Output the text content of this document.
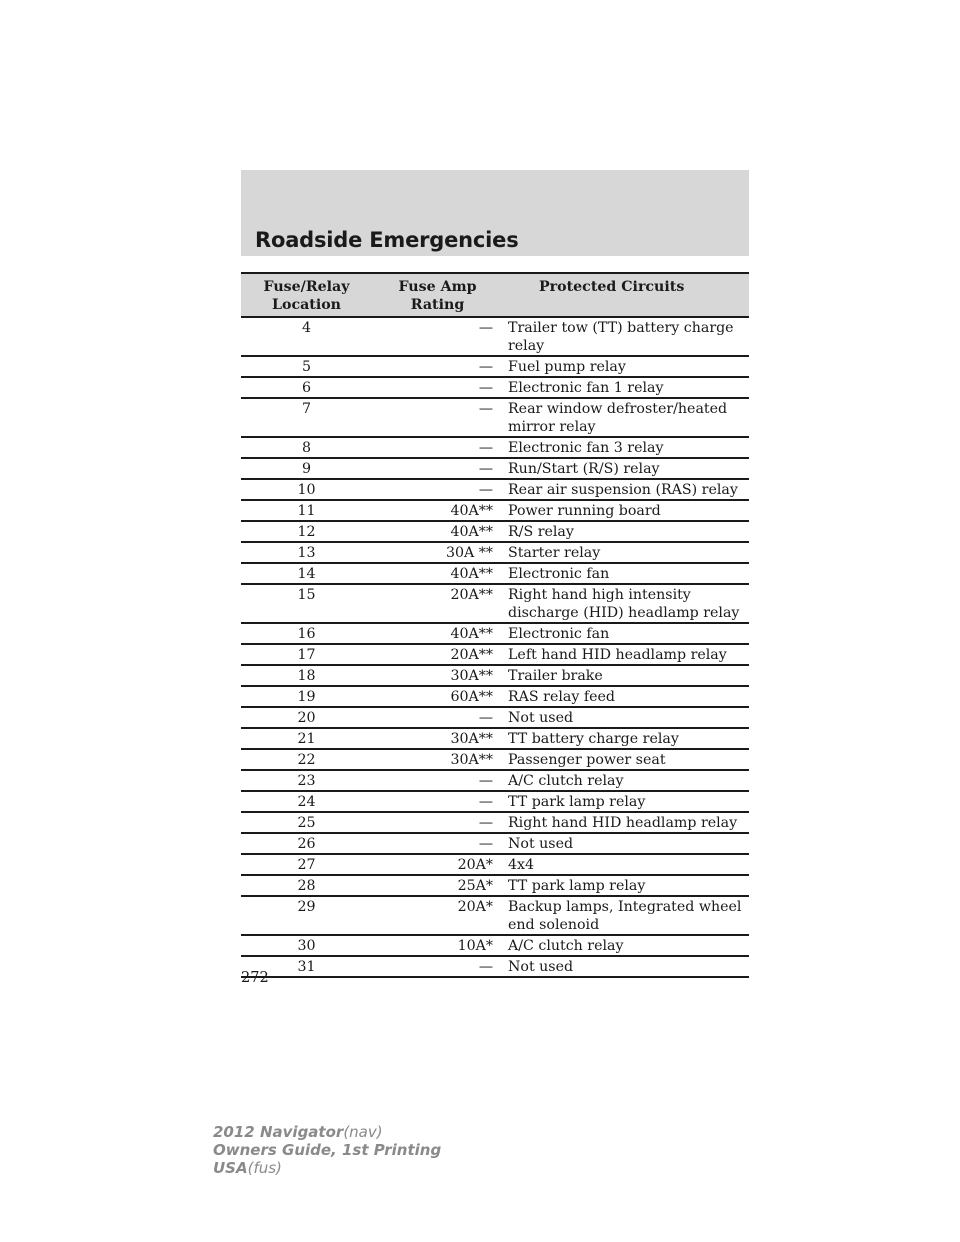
Roadside Emergencies
Fuse/Relay Location	Fuse Amp Rating	Protected Circuits
4	—	Trailer tow (TT) battery charge relay
5	—	Fuel pump relay
6	—	Electronic fan 1 relay
7	—	Rear window defroster/heated mirror relay
8	—	Electronic fan 3 relay
9	—	Run/Start (R/S) relay
10	—	Rear air suspension (RAS) relay
11	40A**	Power running board
12	40A**	R/S relay
13	30A **	Starter relay
14	40A**	Electronic fan
15	20A**	Right hand high intensity discharge (HID) headlamp relay
16	40A**	Electronic fan
17	20A**	Left hand HID headlamp relay
18	30A**	Trailer brake
19	60A**	RAS relay feed
20	—	Not used
21	30A**	TT battery charge relay
22	30A**	Passenger power seat
23	—	A/C clutch relay
24	—	TT park lamp relay
25	—	Right hand HID headlamp relay
26	—	Not used
27	20A*	4x4
28	25A*	TT park lamp relay
29	20A*	Backup lamps, Integrated wheel end solenoid
30	10A*	A/C clutch relay
31	—	Not used
272
2012 Navigator(nav)
Owners Guide, 1st Printing
USA(fus)
